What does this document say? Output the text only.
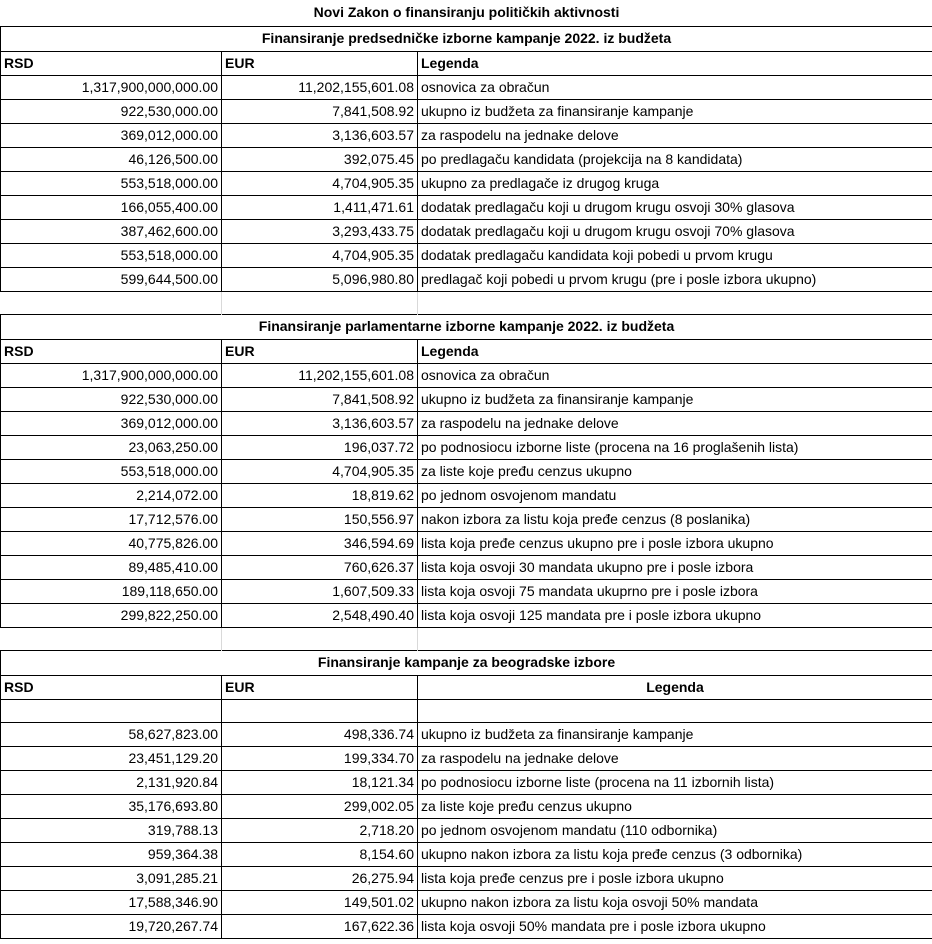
Novi Zakon o finansiranju političkih aktivnosti		
Finansiranje predsedničke izborne kampanje 2022. iz budžeta		
RSD	EUR	Legenda
1,317,900,000,000.00	11,202,155,601.08	osnovica za obračun
922,530,000.00	7,841,508.92	ukupno iz budžeta za finansiranje kampanje
369,012,000.00	3,136,603.57	za raspodelu na jednake delove
46,126,500.00	392,075.45	po predlagaču kandidata (projekcija na 8 kandidata)
553,518,000.00	4,704,905.35	ukupno za predlagače iz drugog kruga
166,055,400.00	1,411,471.61	dodatak predlagaču koji u drugom krugu osvoji 30% glasova
387,462,600.00	3,293,433.75	dodatak predlagaču koji u drugom krugu osvoji 70% glasova
553,518,000.00	4,704,905.35	dodatak predlagaču kandidata koji pobedi u prvom krugu
599,644,500.00	5,096,980.80	predlagač koji pobedi u prvom krugu (pre i posle izbora ukupno)

Finansiranje parlamentarne izborne kampanje 2022. iz budžeta		
RSD	EUR	Legenda
1,317,900,000,000.00	11,202,155,601.08	osnovica za obračun
922,530,000.00	7,841,508.92	ukupno iz budžeta za finansiranje kampanje
369,012,000.00	3,136,603.57	za raspodelu na jednake delove
23,063,250.00	196,037.72	po podnosiocu izborne liste (procena na 16 proglašenih lista)
553,518,000.00	4,704,905.35	za liste koje pređu cenzus ukupno
2,214,072.00	18,819.62	po jednom osvojenom mandatu
17,712,576.00	150,556.97	nakon izbora za listu koja pređe cenzus (8 poslanika)
40,775,826.00	346,594.69	lista koja pređe cenzus ukupno pre i posle izbora ukupno
89,485,410.00	760,626.37	lista koja osvoji 30 mandata ukupno pre i posle izbora
189,118,650.00	1,607,509.33	lista koja osvoji 75 mandata ukuprno pre i posle izbora
299,822,250.00	2,548,490.40	lista koja osvoji 125 mandata pre i posle izbora ukupno

Finansiranje kampanje za beogradske izbore		
RSD	EUR	Legenda

58,627,823.00	498,336.74	ukupno iz budžeta za finansiranje kampanje
23,451,129.20	199,334.70	za raspodelu na jednake delove
2,131,920.84	18,121.34	po podnosiocu izborne liste (procena na 11 izbornih lista)
35,176,693.80	299,002.05	za liste koje pređu cenzus ukupno
319,788.13	2,718.20	po jednom osvojenom mandatu (110 odbornika)
959,364.38	8,154.60	ukupno nakon izbora za listu koja pređe cenzus (3 odbornika)
3,091,285.21	26,275.94	lista koja pređe cenzus pre i posle izbora ukupno
17,588,346.90	149,501.02	ukupno nakon izbora za listu koja osvoji 50% mandata
19,720,267.74	167,622.36	lista koja osvoji 50% mandata pre i posle izbora ukupno
